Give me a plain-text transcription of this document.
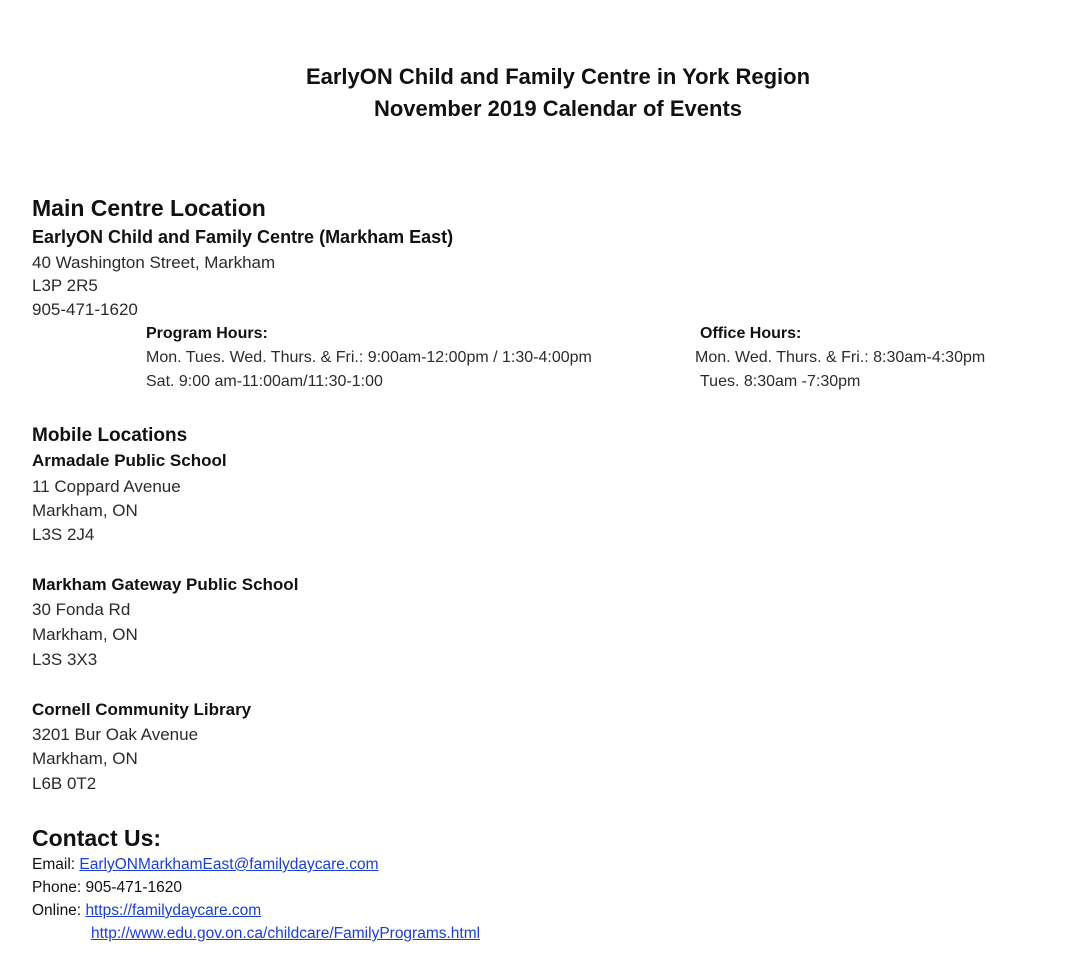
EarlyON Child and Family Centre in York Region
November 2019 Calendar of Events
Main Centre Location
EarlyON Child and Family Centre (Markham East)
40 Washington Street, Markham
L3P 2R5
905-471-1620
Program Hours:
Mon. Tues. Wed. Thurs. & Fri.: 9:00am-12:00pm / 1:30-4:00pm
Sat. 9:00 am-11:00am/11:30-1:00
Office Hours:
Mon. Wed. Thurs. & Fri.: 8:30am-4:30pm
Tues. 8:30am -7:30pm
Mobile Locations
Armadale Public School
11 Coppard Avenue
Markham, ON
L3S 2J4
Markham Gateway Public School
30 Fonda Rd
Markham, ON
L3S 3X3
Cornell Community Library
3201 Bur Oak Avenue
Markham, ON
L6B 0T2
Contact Us:
Email: EarlyONMarkhamEast@familydaycare.com
Phone: 905-471-1620
Online: https://familydaycare.com
http://www.edu.gov.on.ca/childcare/FamilyPrograms.html
